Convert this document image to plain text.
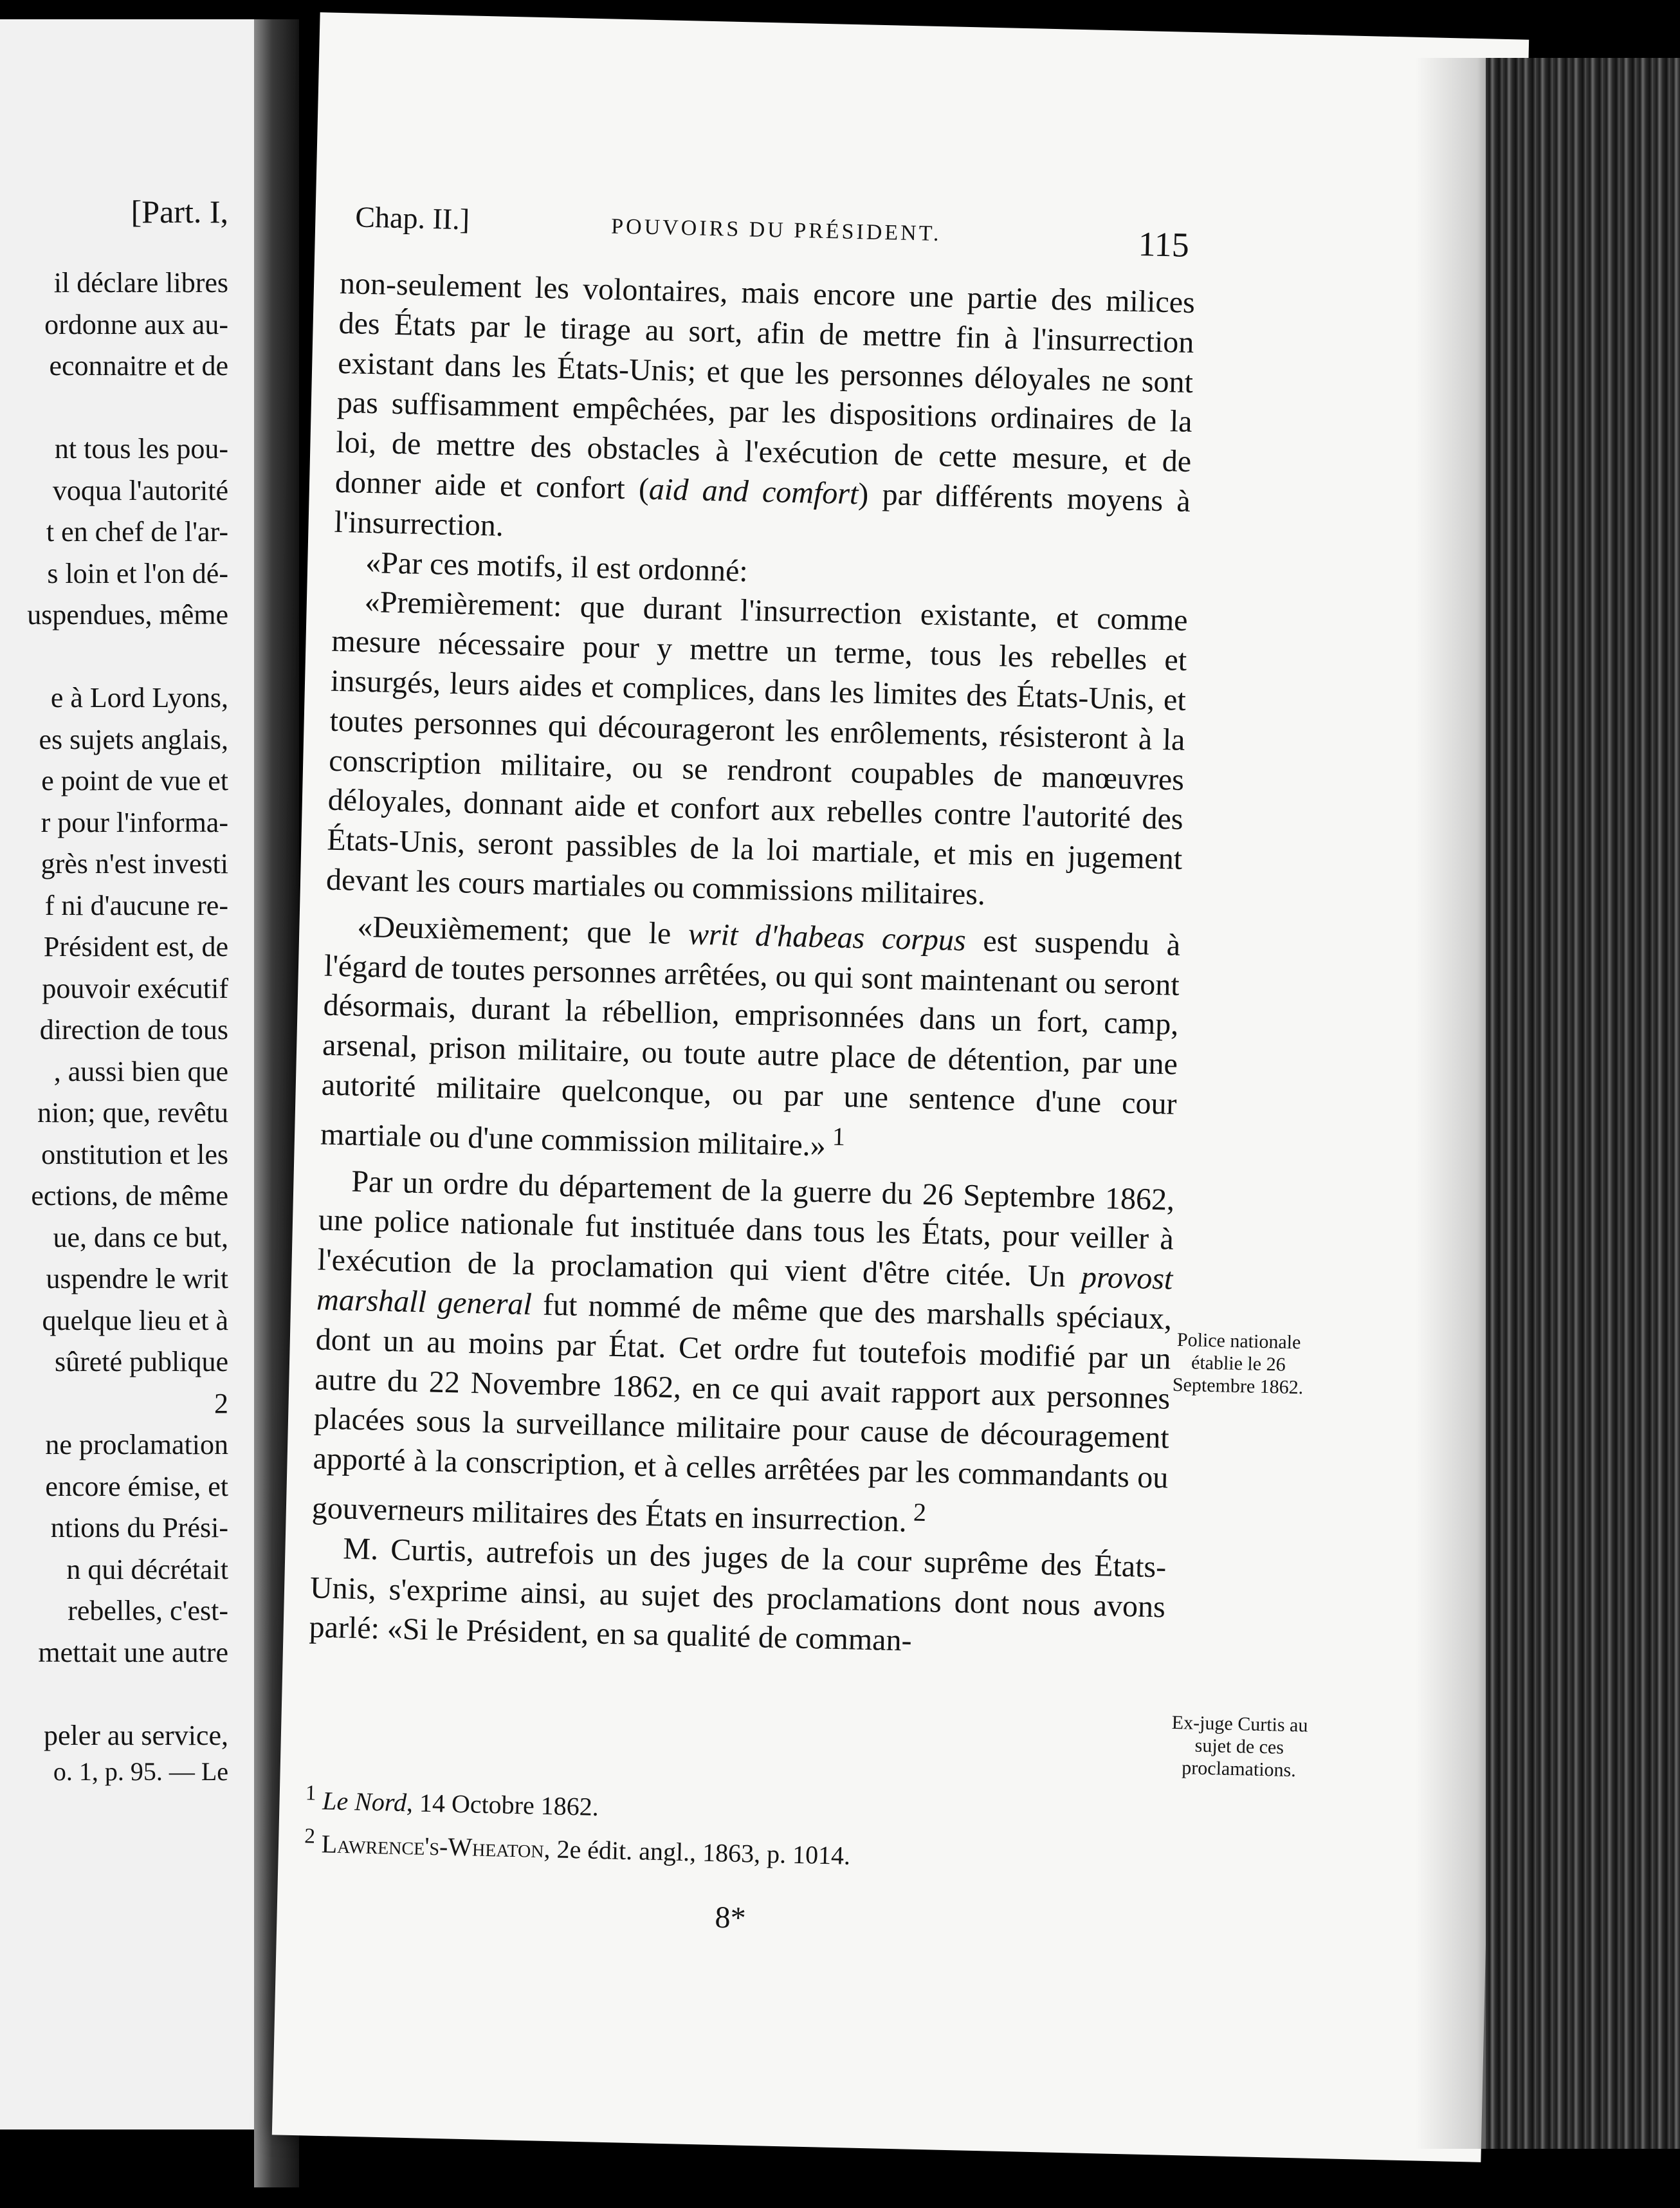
[Part. I,
il déclare libres
ordonne aux au-
econnaitre et de

nt tous les pou-
voqua l'autorité
t en chef de l'ar-
s loin et l'on dé-
uspendues, même

e à Lord Lyons,
es sujets anglais,
e point de vue et
r pour l'informa-
grès n'est investi
f ni d'aucune re-
Président est, de
pouvoir exécutif
direction de tous
, aussi bien que
nion; que, revêtu
onstitution et les
ections, de même
ue, dans ce but,
uspendre le writ
quelque lieu et à
sûreté publique
2
ne proclamation
encore émise, et
ntions du Prési-
n qui décrétait
rebelles, c'est-
mettait une autre

peler au service,
o. 1, p. 95. — Le
Chap. II.]	POUVOIRS DU PRÉSIDENT.	115

non-seulement les volontaires, mais encore une partie des milices des États par le tirage au sort, afin de mettre fin à l'insurrection existant dans les États-Unis; et que les personnes déloyales ne sont pas suffisamment empêchées, par les dispositions ordinaires de la loi, de mettre des obstacles à l'exécution de cette mesure, et de donner aide et confort (aid and comfort) par différents moyens à l'insurrection.

«Par ces motifs, il est ordonné:

«Premièrement: que durant l'insurrection existante, et comme mesure nécessaire pour y mettre un terme, tous les rebelles et insurgés, leurs aides et complices, dans les limites des États-Unis, et toutes personnes qui décourageront les enrôlements, résisteront à la conscription militaire, ou se rendront coupables de manœuvres déloyales, donnant aide et confort aux rebelles contre l'autorité des États-Unis, seront passibles de la loi martiale, et mis en jugement devant les cours martiales ou commissions militaires.

«Deuxièmement; que le writ d'habeas corpus est suspendu à l'égard de toutes personnes arrêtées, ou qui sont maintenant ou seront désormais, durant la rébellion, emprisonnées dans un fort, camp, arsenal, prison militaire, ou toute autre place de détention, par une autorité militaire quelconque, ou par une sentence d'une cour martiale ou d'une commission militaire.» $^1$

Par un ordre du département de la guerre du 26 Septembre 1862, une police nationale fut instituée dans tous les États, pour veiller à l'exécution de la proclamation qui vient d'être citée. Un provost marshall general fut nommé de même que des marshalls spéciaux, dont un au moins par État. Cet ordre fut toutefois modifié par un autre du 22 Novembre 1862, en ce qui avait rapport aux personnes placées sous la surveillance militaire pour cause de découragement apporté à la conscription, et à celles arrêtées par les commandants ou gouverneurs militaires des États en insurrection. $^2$

M. Curtis, autrefois un des juges de la cour suprême des États-Unis, s'exprime ainsi, au sujet des proclamations dont nous avons parlé: «Si le Président, en sa qualité de comman-

Police nationale établie le 26 Septembre 1862.
Ex-juge Curtis au sujet de ces proclamations.

$^1$ Le Nord, 14 Octobre 1862.

$^2$ Lawrence's-Wheaton, 2e édit. angl., 1863, p. 1014.

8*
